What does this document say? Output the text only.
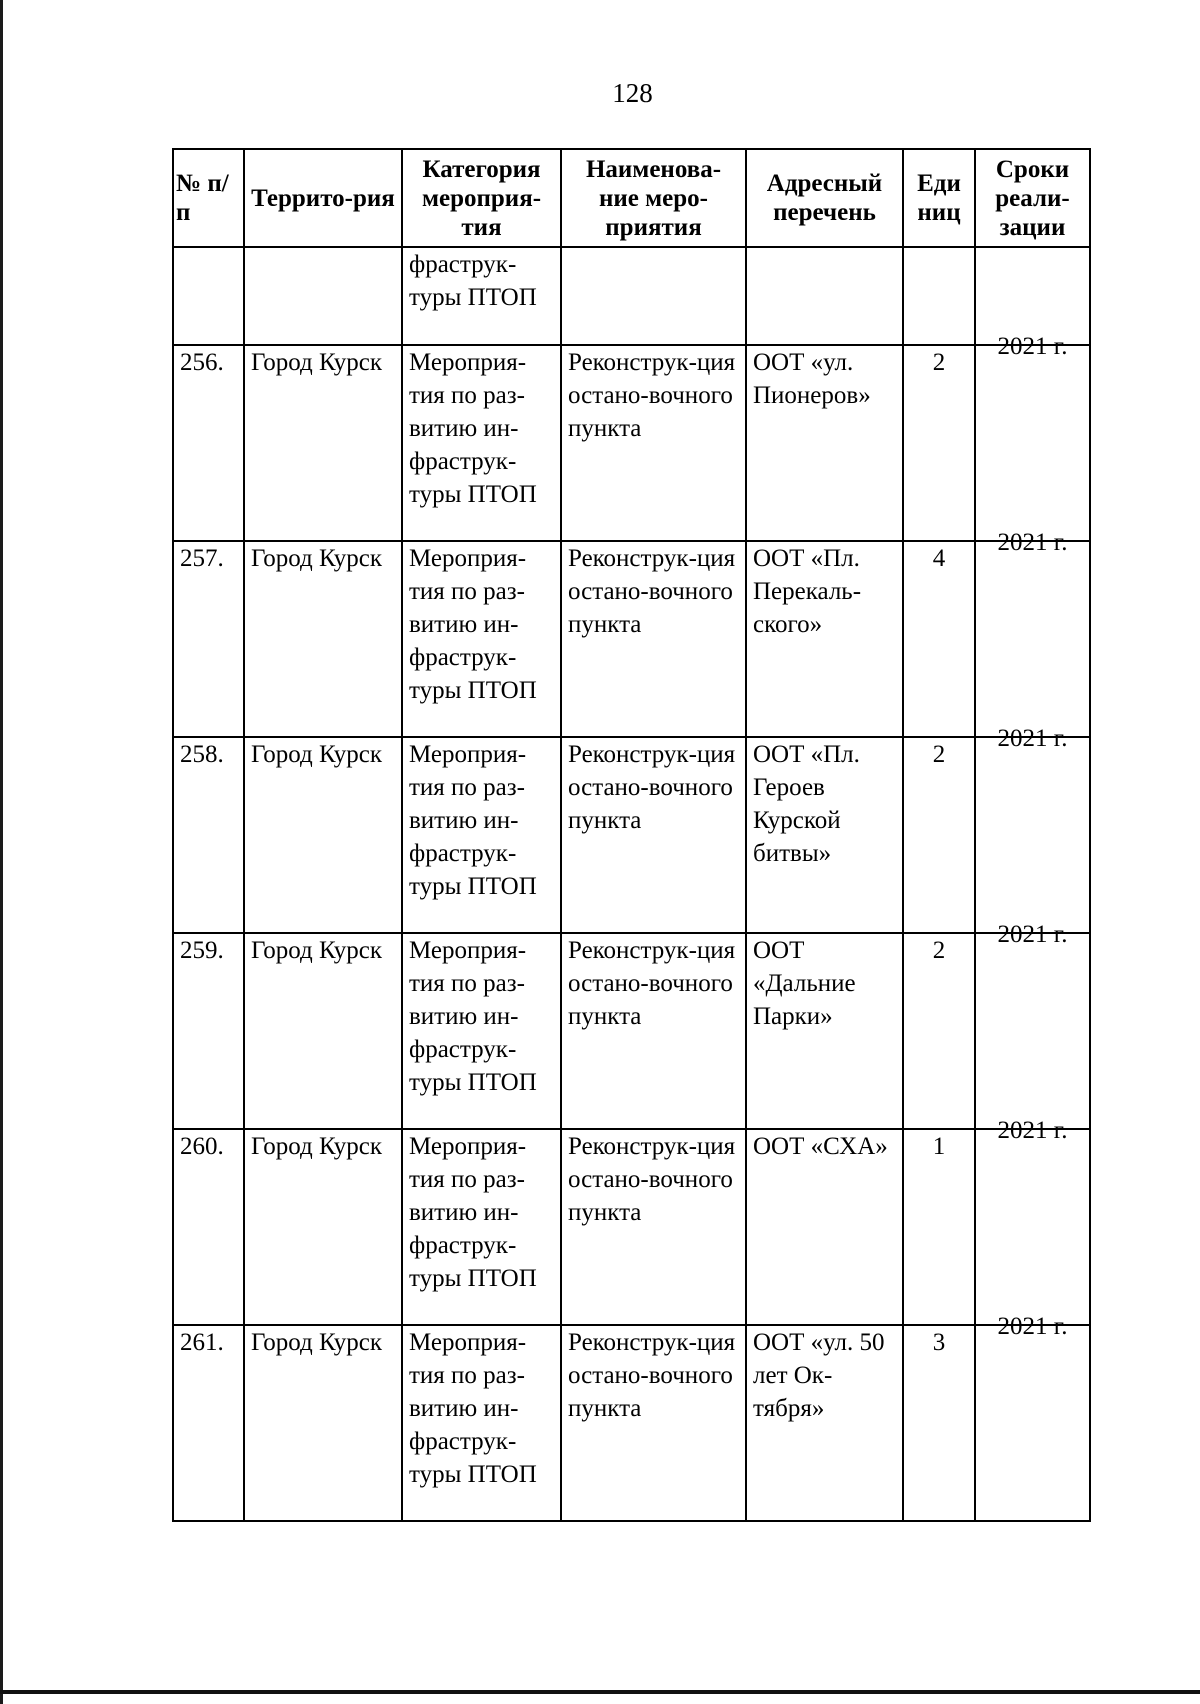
128
№ п/п	Террито-рия	Категория мероприя-тия	Наименова-ние меро-приятия	Адресный перечень	Еди ниц	Сроки реали-зации
		фраструк-туры ПТОП				
256.	Город Курск	Мероприя-тия по раз-витию ин-фраструк-туры ПТОП	Реконструк-ция остано-вочного пункта	ООТ «ул. Пионеров»	2	2021 г.
257.	Город Курск	Мероприя-тия по раз-витию ин-фраструк-туры ПТОП	Реконструк-ция остано-вочного пункта	ООТ «Пл. Перекаль-ского»	4	2021 г.
258.	Город Курск	Мероприя-тия по раз-витию ин-фраструк-туры ПТОП	Реконструк-ция остано-вочного пункта	ООТ «Пл. Героев Курской битвы»	2	2021 г.
259.	Город Курск	Мероприя-тия по раз-витию ин-фраструк-туры ПТОП	Реконструк-ция остано-вочного пункта	ООТ «Дальние Парки»	2	2021 г.
260.	Город Курск	Мероприя-тия по раз-витию ин-фраструк-туры ПТОП	Реконструк-ция остано-вочного пункта	ООТ «СХА»	1	2021 г.
261.	Город Курск	Мероприя-тия по раз-витию ин-фраструк-туры ПТОП	Реконструк-ция остано-вочного пункта	ООТ «ул. 50 лет Ок-тября»	3	2021 г.
